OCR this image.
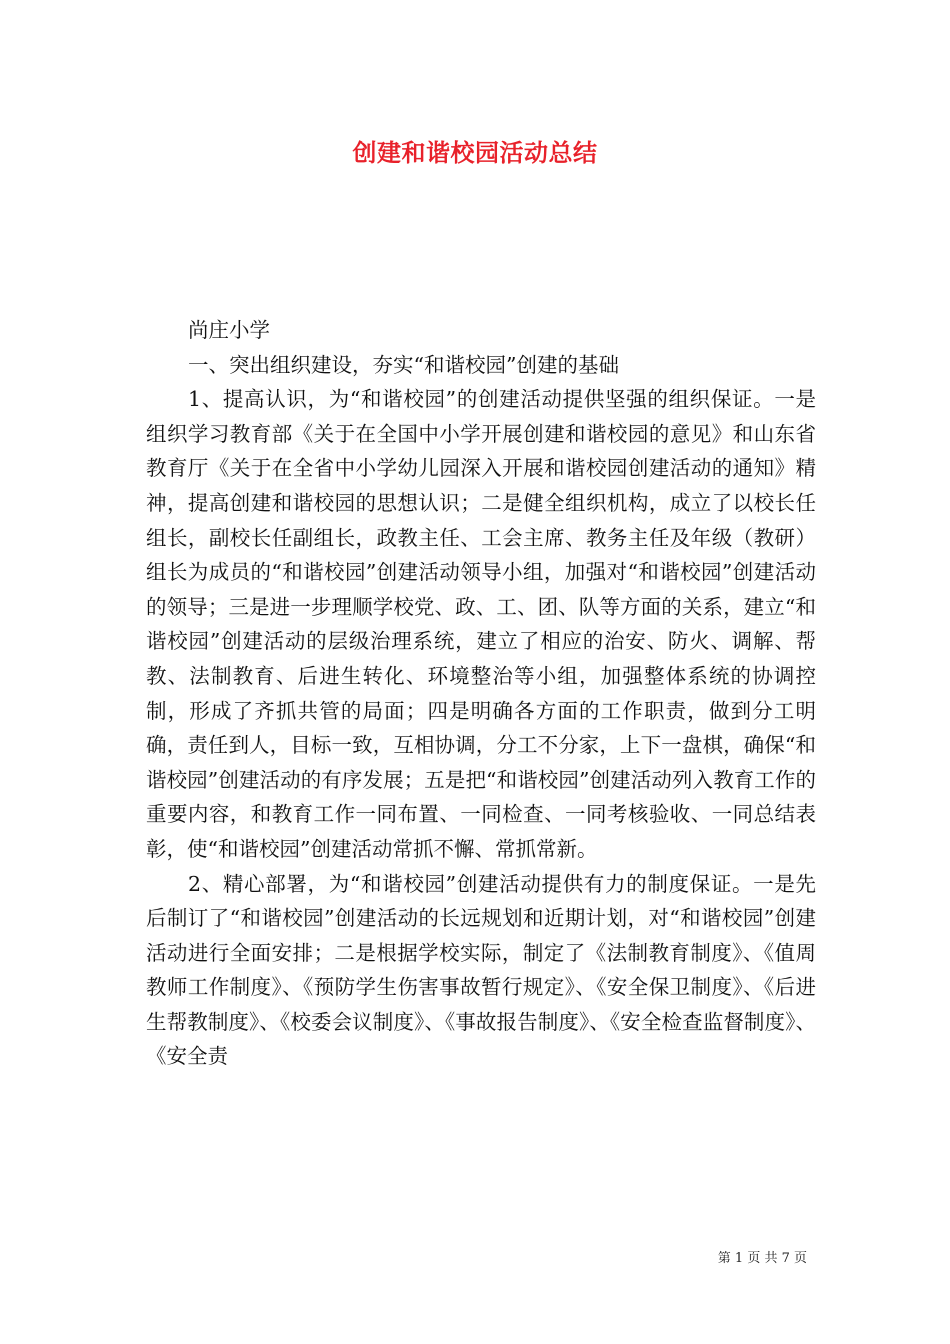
创建和谐校园活动总结

尚庄小学

一、突出组织建设，夯实“和谐校园”创建的基础

1、提高认识，为“和谐校园”的创建活动提供坚强的组织保证。一是组织学习教育部《关于在全国中小学开展创建和谐校园的意见》和山东省教育厅《关于在全省中小学幼儿园深入开展和谐校园创建活动的通知》精神，提高创建和谐校园的思想认识；二是健全组织机构，成立了以校长任组长，副校长任副组长，政教主任、工会主席、教务主任及年级（教研）组长为成员的“和谐校园”创建活动领导小组，加强对“和谐校园”创建活动的领导；三是进一步理顺学校党、政、工、团、队等方面的关系，建立“和谐校园”创建活动的层级治理系统，建立了相应的治安、防火、调解、帮教、法制教育、后进生转化、环境整治等小组，加强整体系统的协调控制，形成了齐抓共管的局面；四是明确各方面的工作职责，做到分工明确，责任到人，目标一致，互相协调，分工不分家，上下一盘棋，确保“和谐校园”创建活动的有序发展；五是把“和谐校园”创建活动列入教育工作的重要内容，和教育工作一同布置、一同检查、一同考核验收、一同总结表彰，使“和谐校园”创建活动常抓不懈、常抓常新。

2、精心部署，为“和谐校园”创建活动提供有力的制度保证。一是先后制订了“和谐校园”创建活动的长远规划和近期计划，对“和谐校园”创建活动进行全面安排；二是根据学校实际，制定了《法制教育制度》、《值周教师工作制度》、《预防学生伤害事故暂行规定》、《安全保卫制度》、《后进生帮教制度》、《校委会议制度》、《事故报告制度》、《安全检查监督制度》、《安全责

第 1 页 共 7 页
